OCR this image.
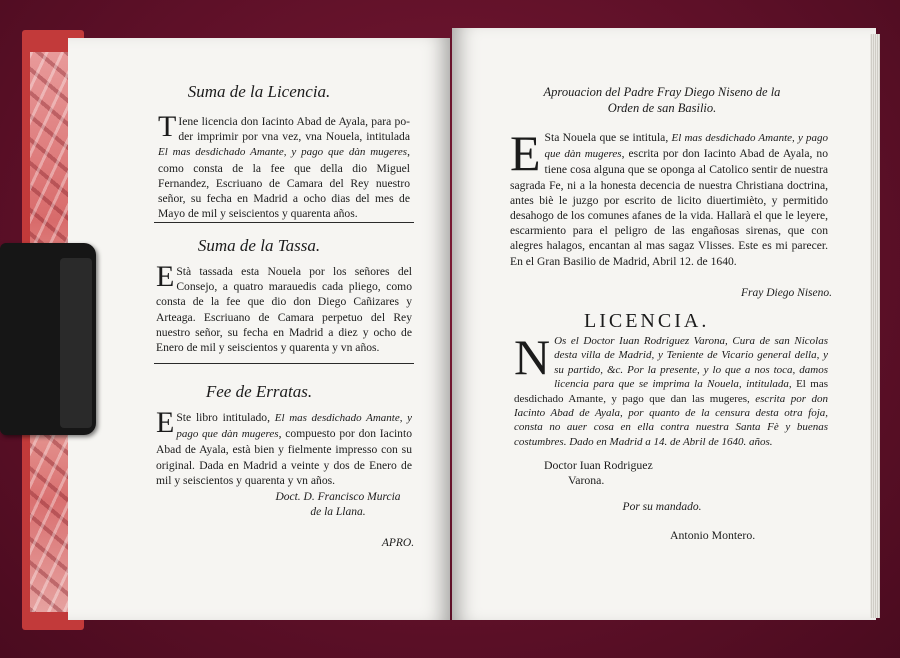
Suma de la Licencia.
T Iene licencia don Iacinto Abad de Ayala, para po- der imprimir por vna vez, vna Nouela, intitulada El mas desdichado Amante, y pago que dàn mugeres, como consta de la fee que della dio Miguel Fernandez, Escriuano de Camara del Rey nuestro señor, su fecha en Madrid a ocho dias del mes de Mayo de mil y seiscientos y quarenta años.
Suma de la Tassa.
E Stà tassada esta Nouela por los señores del Consejo, a quatro marauedis cada pliego, como consta de la fee que dio don Diego Cañizares y Arteaga. Escriuano de Camara perpetuo del Rey nuestro señor, su fecha en Madrid a diez y ocho de Enero de mil y seiscientos y quarenta y vn años.
Fee de Erratas.
E Ste libro intitulado, El mas desdichado Amante, y pago que dàn mugeres, compuesto por don Iacinto Abad de Ayala, està bien y fielmente impresso con su original. Dada en Madrid a veinte y dos de Enero de mil y seiscientos y quarenta y vn años.
Doct. D. Francisco Murcia
de la Llana.
APRO.
Aprouacion del Padre Fray Diego Niseno de la
Orden de san Basilio.
E Sta Nouela que se intitula, El mas desdichado Amante, y pago que dàn mugeres, escrita por don Iacinto Abad de Ayala, no tiene cosa alguna que se oponga al Catolico sentir de nuestra sagrada Fe, ni a la honesta decencia de nuestra Christiana doctrina, antes biè le juzgo por escrito de licito diuertimièto, y permitido desahogo de los comunes afanes de la vida. Hallarà el que le leyere, escarmiento para el peligro de las engañosas sirenas, que con alegres halagos, encantan al mas sagaz Vlisses. Este es mi parecer. En el Gran Basilio de Madrid, Abril 12. de 1640.
Fray Diego Niseno.
LICENCIA.
N Os el Doctor Iuan Rodriguez Varona, Cura de san Nicolas desta villa de Madrid, y Teniente de Vicario general della, y su partido, &c. Por la presente, y lo que a nos toca, damos licencia para que se imprima la Nouela, intitulada, El mas desdichado Amante, y pago que dan las mugeres, escrita por don Iacinto Abad de Ayala, por quanto de la censura desta otra foja, consta no auer cosa en ella contra nuestra Santa Fè y buenas costumbres. Dado en Madrid a 14. de Abril de 1640. años.
Doctor Iuan Rodriguez
Varona.
Por su mandado.
Antonio Montero.
